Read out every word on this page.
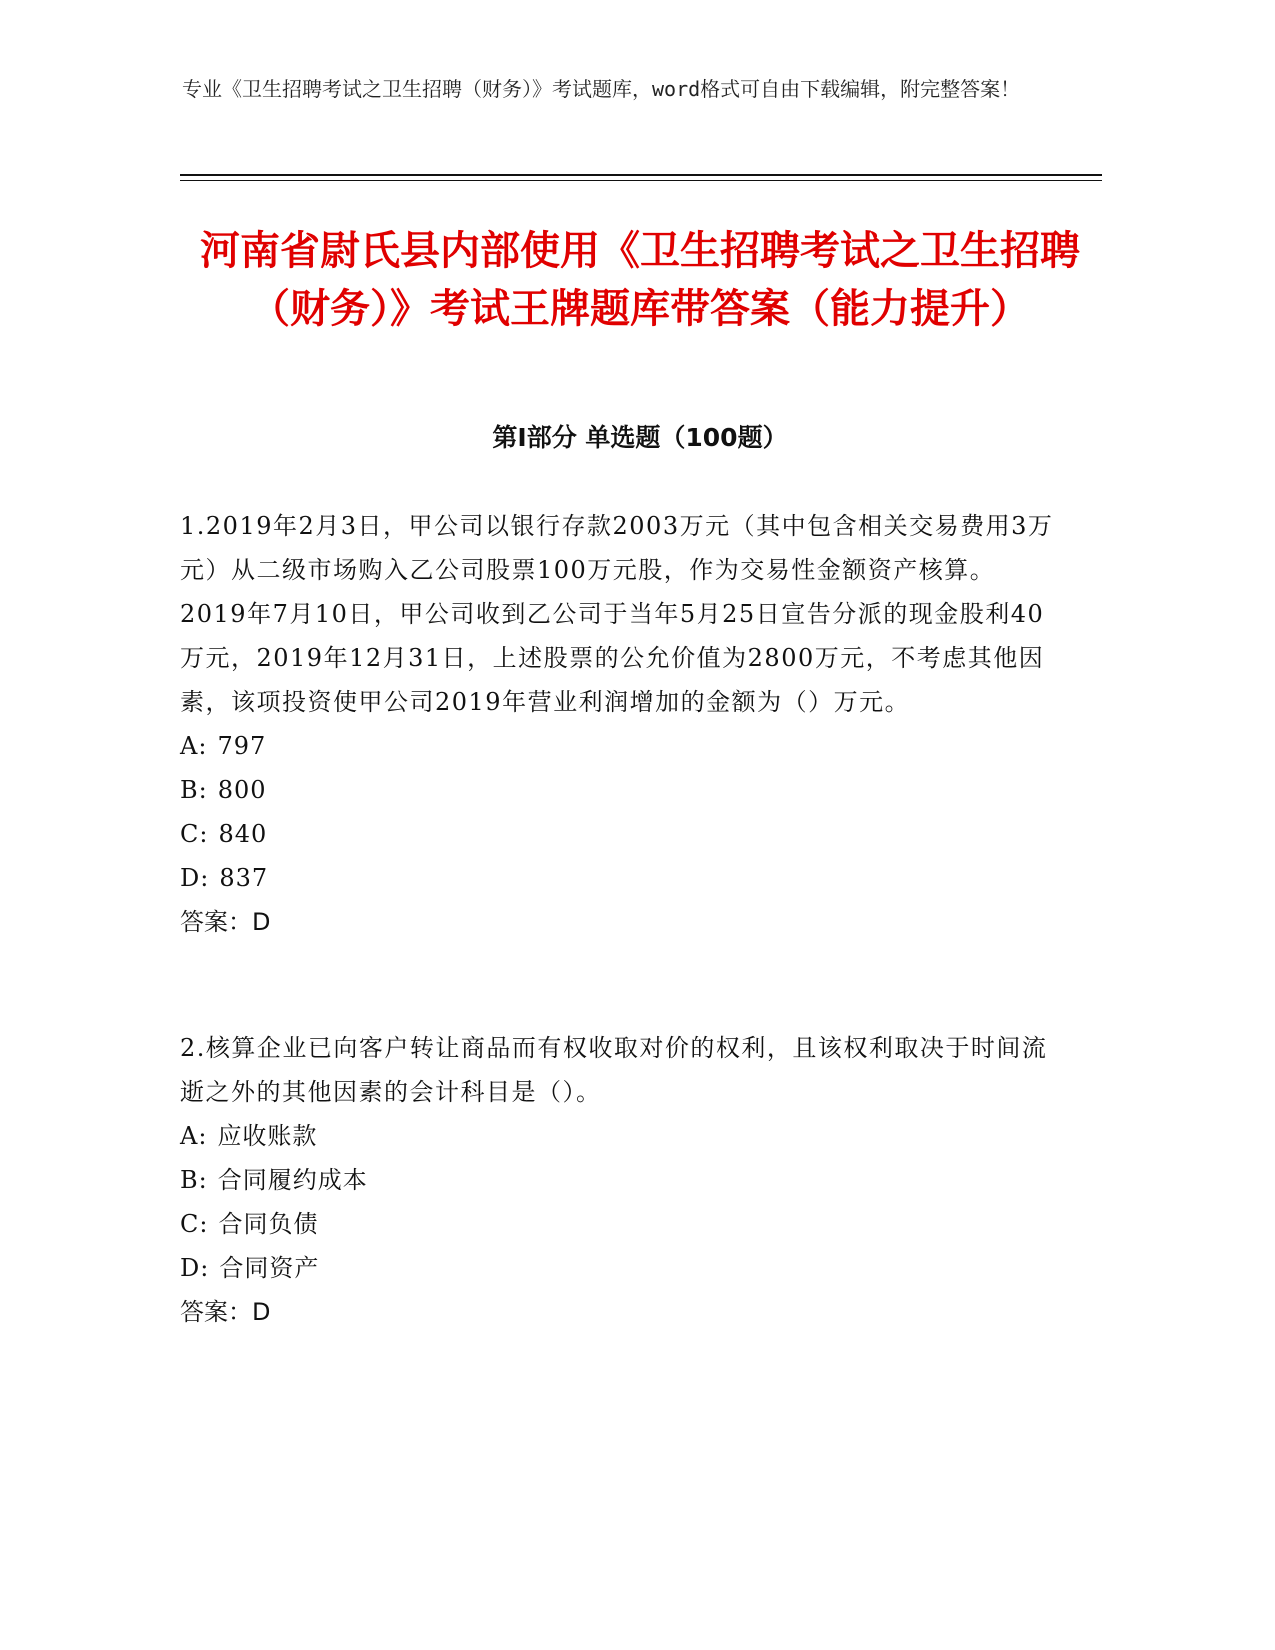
专业《卫生招聘考试之卫生招聘（财务）》考试题库，word格式可自由下载编辑，附完整答案！

河南省尉氏县内部使用《卫生招聘考试之卫生招聘（财务）》考试王牌题库带答案（能力提升）
第I部分 单选题（100题）

1.2019年2月3日，甲公司以银行存款2003万元（其中包含相关交易费用3万元）从二级市场购入乙公司股票100万元股，作为交易性金额资产核算。2019年7月10日，甲公司收到乙公司于当年5月25日宣告分派的现金股利40万元，2019年12月31日，上述股票的公允价值为2800万元，不考虑其他因素，该项投资使甲公司2019年营业利润增加的金额为（）万元。

A: 797

B: 800

C: 840

D: 837

答案：D

2.核算企业已向客户转让商品而有权收取对价的权利，且该权利取决于时间流逝之外的其他因素的会计科目是（）。

A: 应收账款

B: 合同履约成本

C: 合同负债

D: 合同资产

答案：D
